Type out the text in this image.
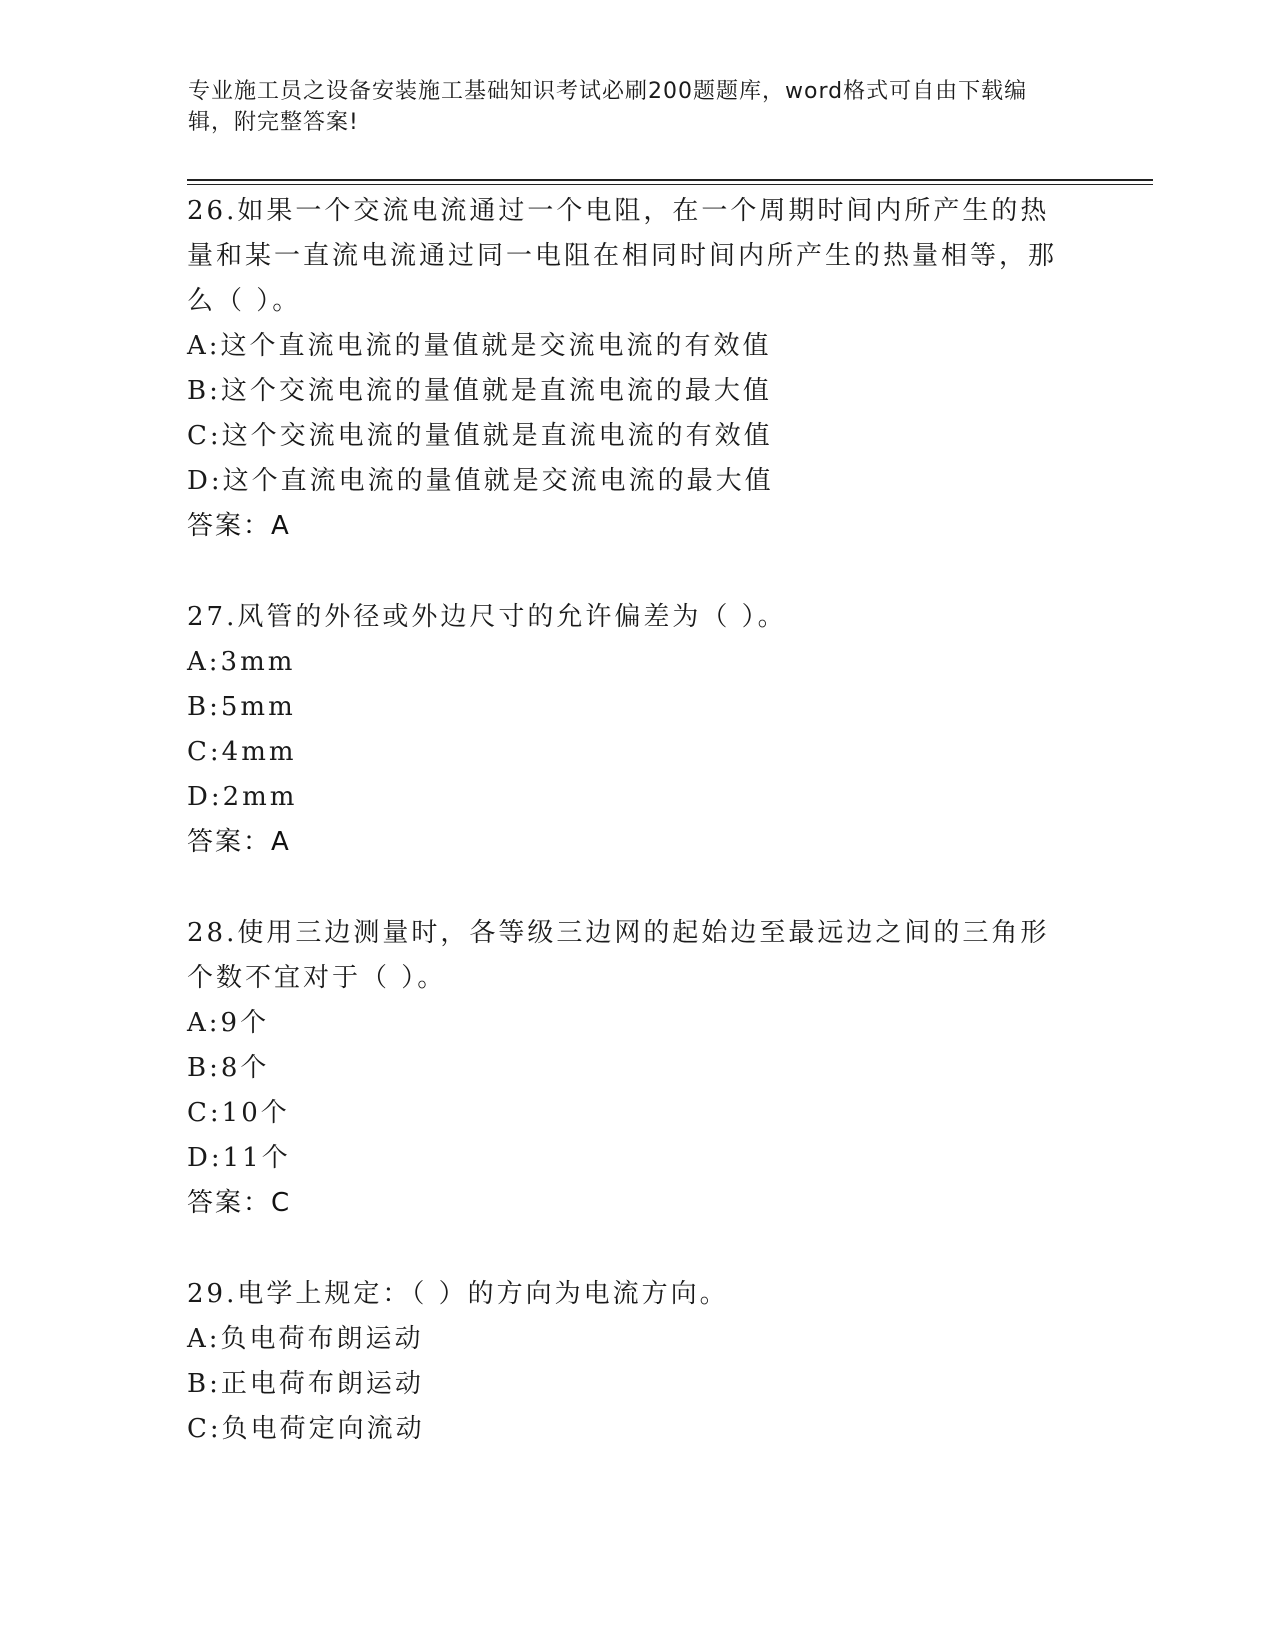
专业施工员之设备安装施工基础知识考试必刷200题题库，word格式可自由下载编辑，附完整答案!
26.如果一个交流电流通过一个电阻，在一个周期时间内所产生的热量和某一直流电流通过同一电阻在相同时间内所产生的热量相等，那么（ ）。
A:这个直流电流的量值就是交流电流的有效值
B:这个交流电流的量值就是直流电流的最大值
C:这个交流电流的量值就是直流电流的有效值
D:这个直流电流的量值就是交流电流的最大值
答案：A
27.风管的外径或外边尺寸的允许偏差为（ ）。
A:3mm
B:5mm
C:4mm
D:2mm
答案：A
28.使用三边测量时，各等级三边网的起始边至最远边之间的三角形个数不宜对于（ ）。
A:9个
B:8个
C:10个
D:11个
答案：C
29.电学上规定：（ ）的方向为电流方向。
A:负电荷布朗运动
B:正电荷布朗运动
C:负电荷定向流动
